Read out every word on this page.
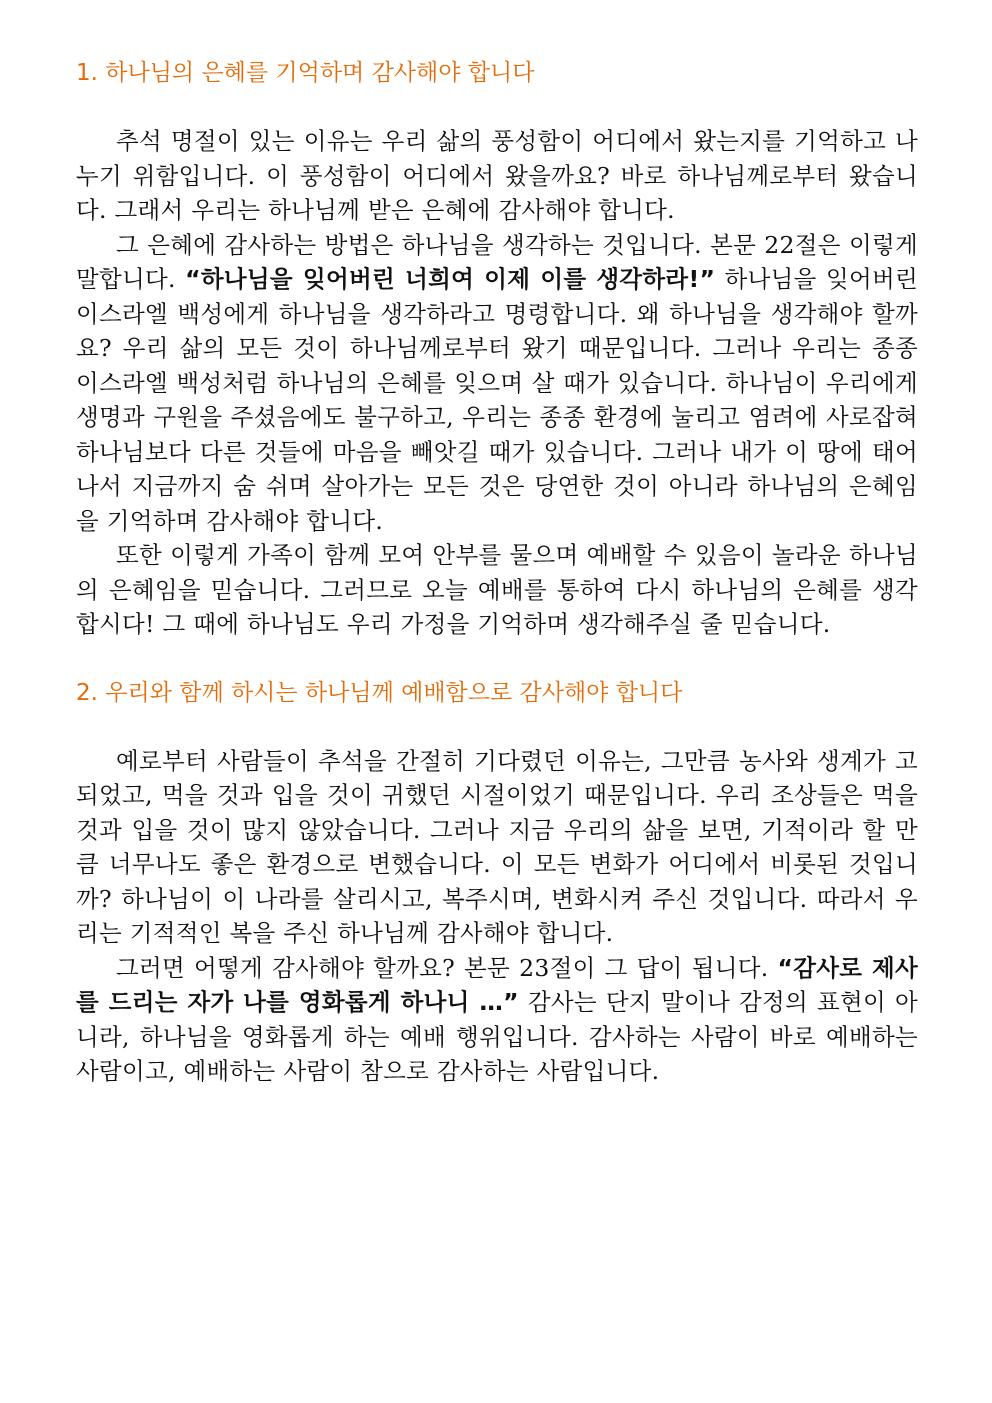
1. 하나님의 은혜를 기억하며 감사해야 합니다

추석 명절이 있는 이유는 우리 삶의 풍성함이 어디에서 왔는지를 기억하고 나누기 위함입니다. 이 풍성함이 어디에서 왔을까요? 바로 하나님께로부터 왔습니다. 그래서 우리는 하나님께 받은 은혜에 감사해야 합니다.

그 은혜에 감사하는 방법은 하나님을 생각하는 것입니다. 본문 22절은 이렇게 말합니다. “하나님을 잊어버린 너희여 이제 이를 생각하라!” 하나님을 잊어버린 이스라엘 백성에게 하나님을 생각하라고 명령합니다. 왜 하나님을 생각해야 할까요? 우리 삶의 모든 것이 하나님께로부터 왔기 때문입니다. 그러나 우리는 종종 이스라엘 백성처럼 하나님의 은혜를 잊으며 살 때가 있습니다. 하나님이 우리에게 생명과 구원을 주셨음에도 불구하고, 우리는 종종 환경에 눌리고 염려에 사로잡혀 하나님보다 다른 것들에 마음을 빼앗길 때가 있습니다. 그러나 내가 이 땅에 태어나서 지금까지 숨 쉬며 살아가는 모든 것은 당연한 것이 아니라 하나님의 은혜임을 기억하며 감사해야 합니다.

또한 이렇게 가족이 함께 모여 안부를 물으며 예배할 수 있음이 놀라운 하나님의 은혜임을 믿습니다. 그러므로 오늘 예배를 통하여 다시 하나님의 은혜를 생각합시다! 그 때에 하나님도 우리 가정을 기억하며 생각해주실 줄 믿습니다.

2. 우리와 함께 하시는 하나님께 예배함으로 감사해야 합니다

예로부터 사람들이 추석을 간절히 기다렸던 이유는, 그만큼 농사와 생계가 고되었고, 먹을 것과 입을 것이 귀했던 시절이었기 때문입니다. 우리 조상들은 먹을 것과 입을 것이 많지 않았습니다. 그러나 지금 우리의 삶을 보면, 기적이라 할 만큼 너무나도 좋은 환경으로 변했습니다. 이 모든 변화가 어디에서 비롯된 것입니까? 하나님이 이 나라를 살리시고, 복주시며, 변화시켜 주신 것입니다. 따라서 우리는 기적적인 복을 주신 하나님께 감사해야 합니다.

그러면 어떻게 감사해야 할까요? 본문 23절이 그 답이 됩니다. “감사로 제사를 드리는 자가 나를 영화롭게 하나니 …” 감사는 단지 말이나 감정의 표현이 아니라, 하나님을 영화롭게 하는 예배 행위입니다. 감사하는 사람이 바로 예배하는 사람이고, 예배하는 사람이 참으로 감사하는 사람입니다.
